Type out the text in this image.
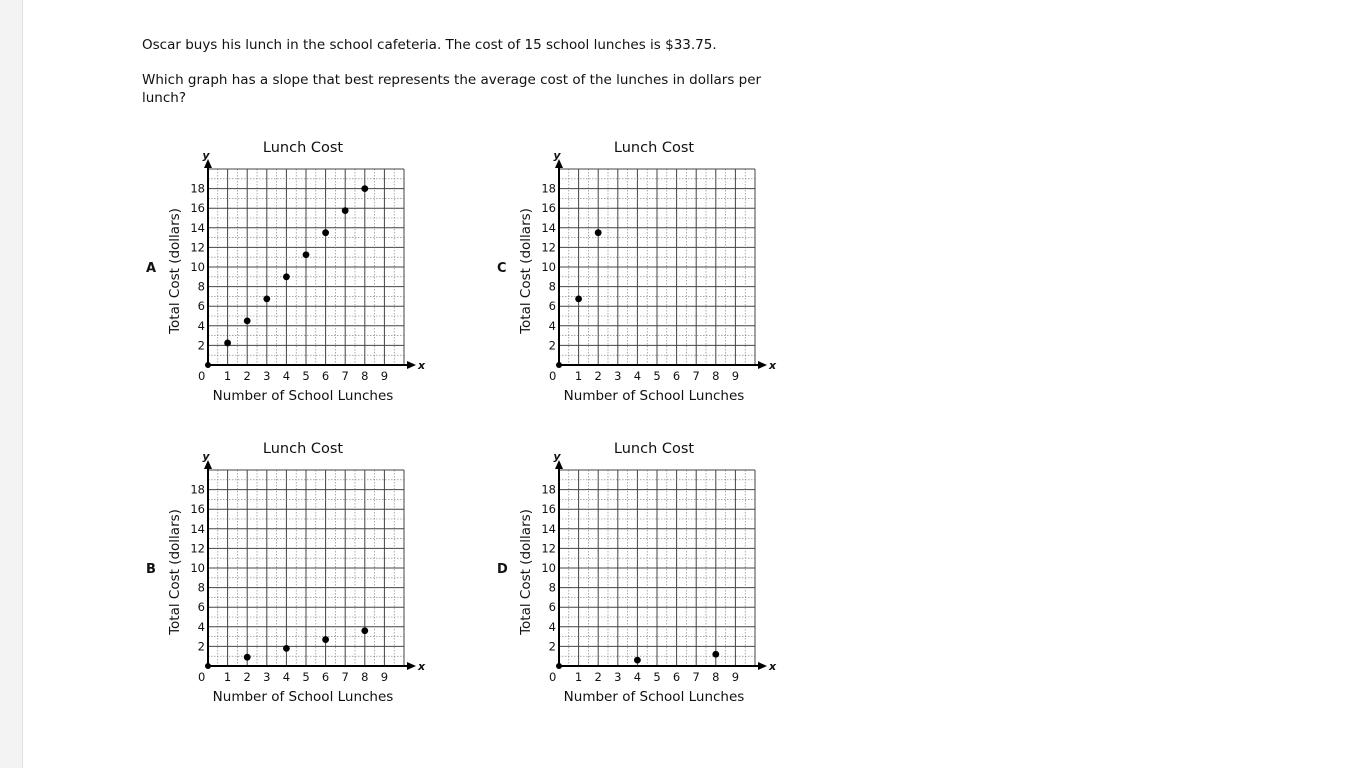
Oscar buys his lunch in the school cafeteria. The cost of 15 school lunches is $33.75.

Which graph has a slope that best represents the average cost of the lunches in dollars per lunch?

A
Lunch Cost
x
y
0 1 2 3 4 5 6 7 8 9
2
4
6
8
10
12
14
16
18
Number of School Lunches
Total Cost (dollars)	C
Lunch Cost
x
y
0 1 2 3 4 5 6 7 8 9
2
4
6
8
10
12
14
16
18
Number of School Lunches
Total Cost (dollars)
B
Lunch Cost
x
y
0 1 2 3 4 5 6 7 8 9
2
4
6
8
10
12
14
16
18
Number of School Lunches
Total Cost (dollars)	D
Lunch Cost
x
y
0 1 2 3 4 5 6 7 8 9
2
4
6
8
10
12
14
16
18
Number of School Lunches
Total Cost (dollars)
